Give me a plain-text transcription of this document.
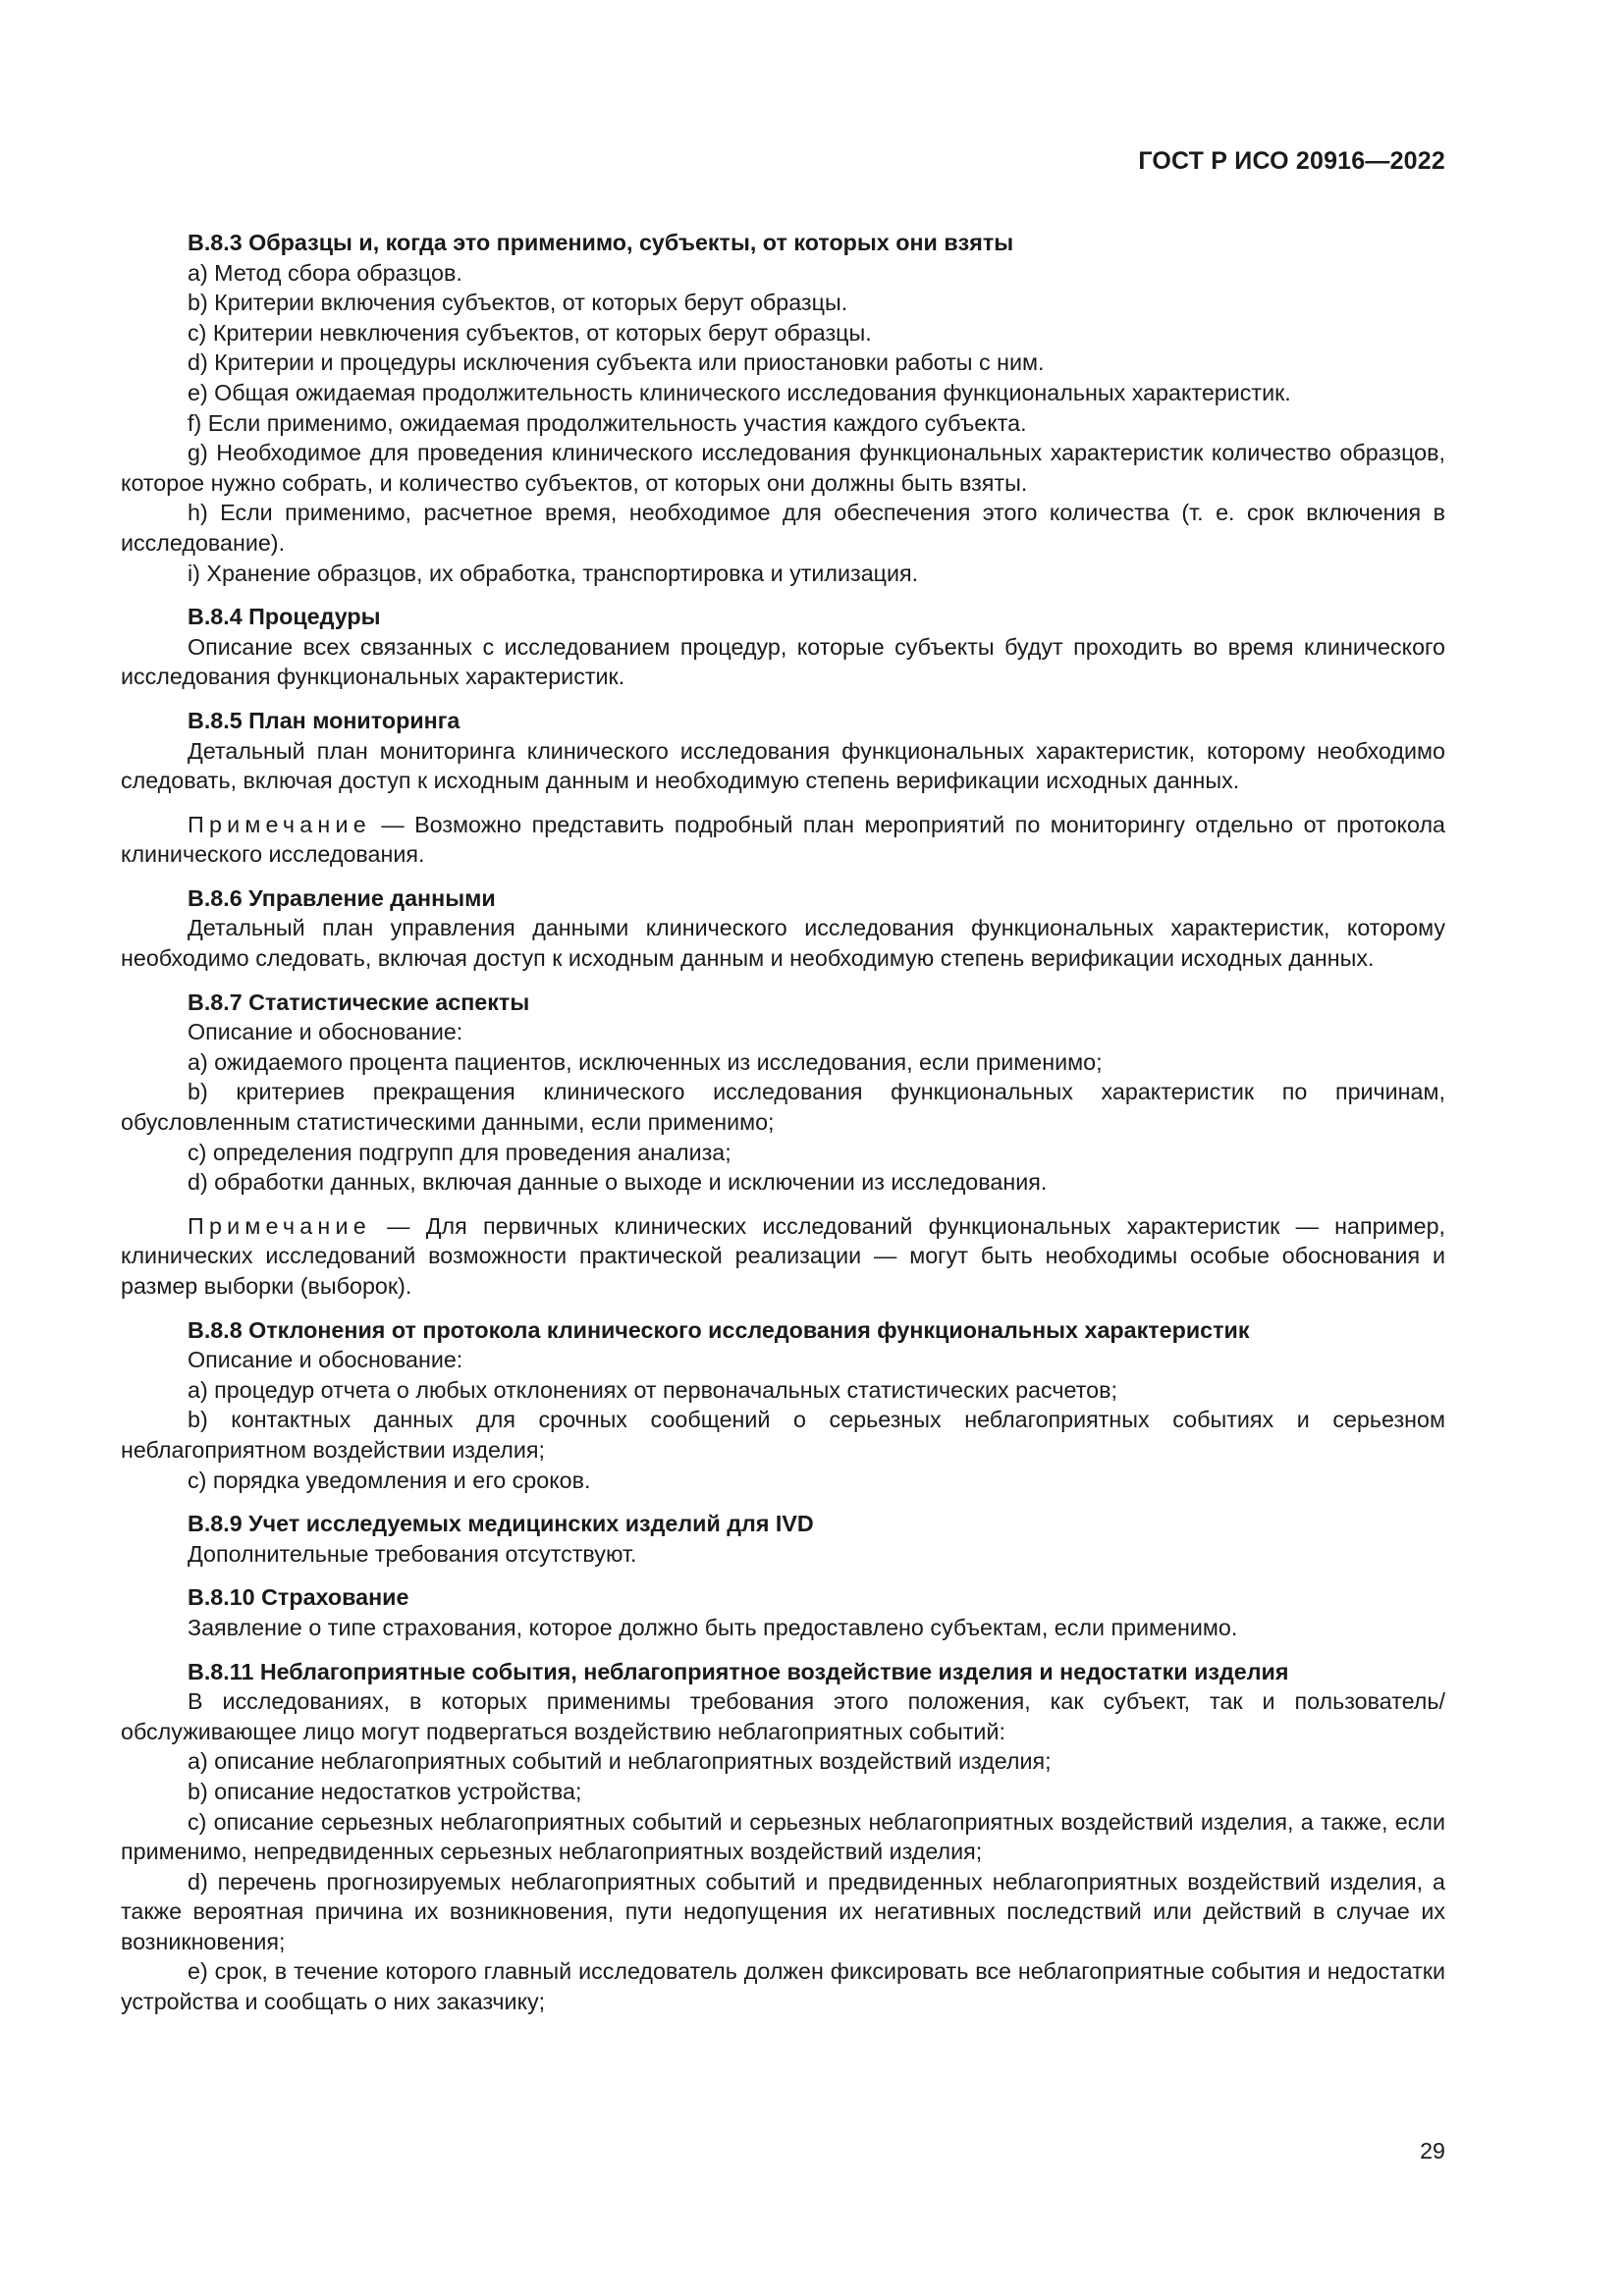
ГОСТ Р ИСО 20916—2022

В.8.3 Образцы и, когда это применимо, субъекты, от которых они взяты

а) Метод сбора образцов.

b) Критерии включения субъектов, от которых берут образцы.

с) Критерии невключения субъектов, от которых берут образцы.

d) Критерии и процедуры исключения субъекта или приостановки работы с ним.

е) Общая ожидаемая продолжительность клинического исследования функциональных характеристик.

f) Если применимо, ожидаемая продолжительность участия каждого субъекта.

g) Необходимое для проведения клинического исследования функциональных характеристик количество образцов, которое нужно собрать, и количество субъектов, от которых они должны быть взяты.

h) Если применимо, расчетное время, необходимое для обеспечения этого количества (т. е. срок включения в исследование).

i) Хранение образцов, их обработка, транспортировка и утилизация.

В.8.4 Процедуры

Описание всех связанных с исследованием процедур, которые субъекты будут проходить во время клинического исследования функциональных характеристик.

В.8.5 План мониторинга

Детальный план мониторинга клинического исследования функциональных характеристик, которому необходимо следовать, включая доступ к исходным данным и необходимую степень верификации исходных данных.

Примечание — Возможно представить подробный план мероприятий по мониторингу отдельно от протокола клинического исследования.

В.8.6 Управление данными

Детальный план управления данными клинического исследования функциональных характеристик, которому необходимо следовать, включая доступ к исходным данным и необходимую степень верификации исходных данных.

В.8.7 Статистические аспекты

Описание и обоснование:

а) ожидаемого процента пациентов, исключенных из исследования, если применимо;

b) критериев прекращения клинического исследования функциональных характеристик по причинам, обусловленным статистическими данными, если применимо;

с) определения подгрупп для проведения анализа;

d) обработки данных, включая данные о выходе и исключении из исследования.

Примечание — Для первичных клинических исследований функциональных характеристик — например, клинических исследований возможности практической реализации — могут быть необходимы особые обоснования и размер выборки (выборок).

В.8.8 Отклонения от протокола клинического исследования функциональных характеристик

Описание и обоснование:

а) процедур отчета о любых отклонениях от первоначальных статистических расчетов;

b) контактных данных для срочных сообщений о серьезных неблагоприятных событиях и серьезном неблагоприятном воздействии изделия;

с) порядка уведомления и его сроков.

В.8.9 Учет исследуемых медицинских изделий для IVD

Дополнительные требования отсутствуют.

В.8.10 Страхование

Заявление о типе страхования, которое должно быть предоставлено субъектам, если применимо.

В.8.11 Неблагоприятные события, неблагоприятное воздействие изделия и недостатки изделия

В исследованиях, в которых применимы требования этого положения, как субъект, так и пользователь/обслуживающее лицо могут подвергаться воздействию неблагоприятных событий:

а) описание неблагоприятных событий и неблагоприятных воздействий изделия;

b) описание недостатков устройства;

с) описание серьезных неблагоприятных событий и серьезных неблагоприятных воздействий изделия, а также, если применимо, непредвиденных серьезных неблагоприятных воздействий изделия;

d) перечень прогнозируемых неблагоприятных событий и предвиденных неблагоприятных воздействий изделия, а также вероятная причина их возникновения, пути недопущения их негативных последствий или действий в случае их возникновения;

е) срок, в течение которого главный исследователь должен фиксировать все неблагоприятные события и недостатки устройства и сообщать о них заказчику;

29
